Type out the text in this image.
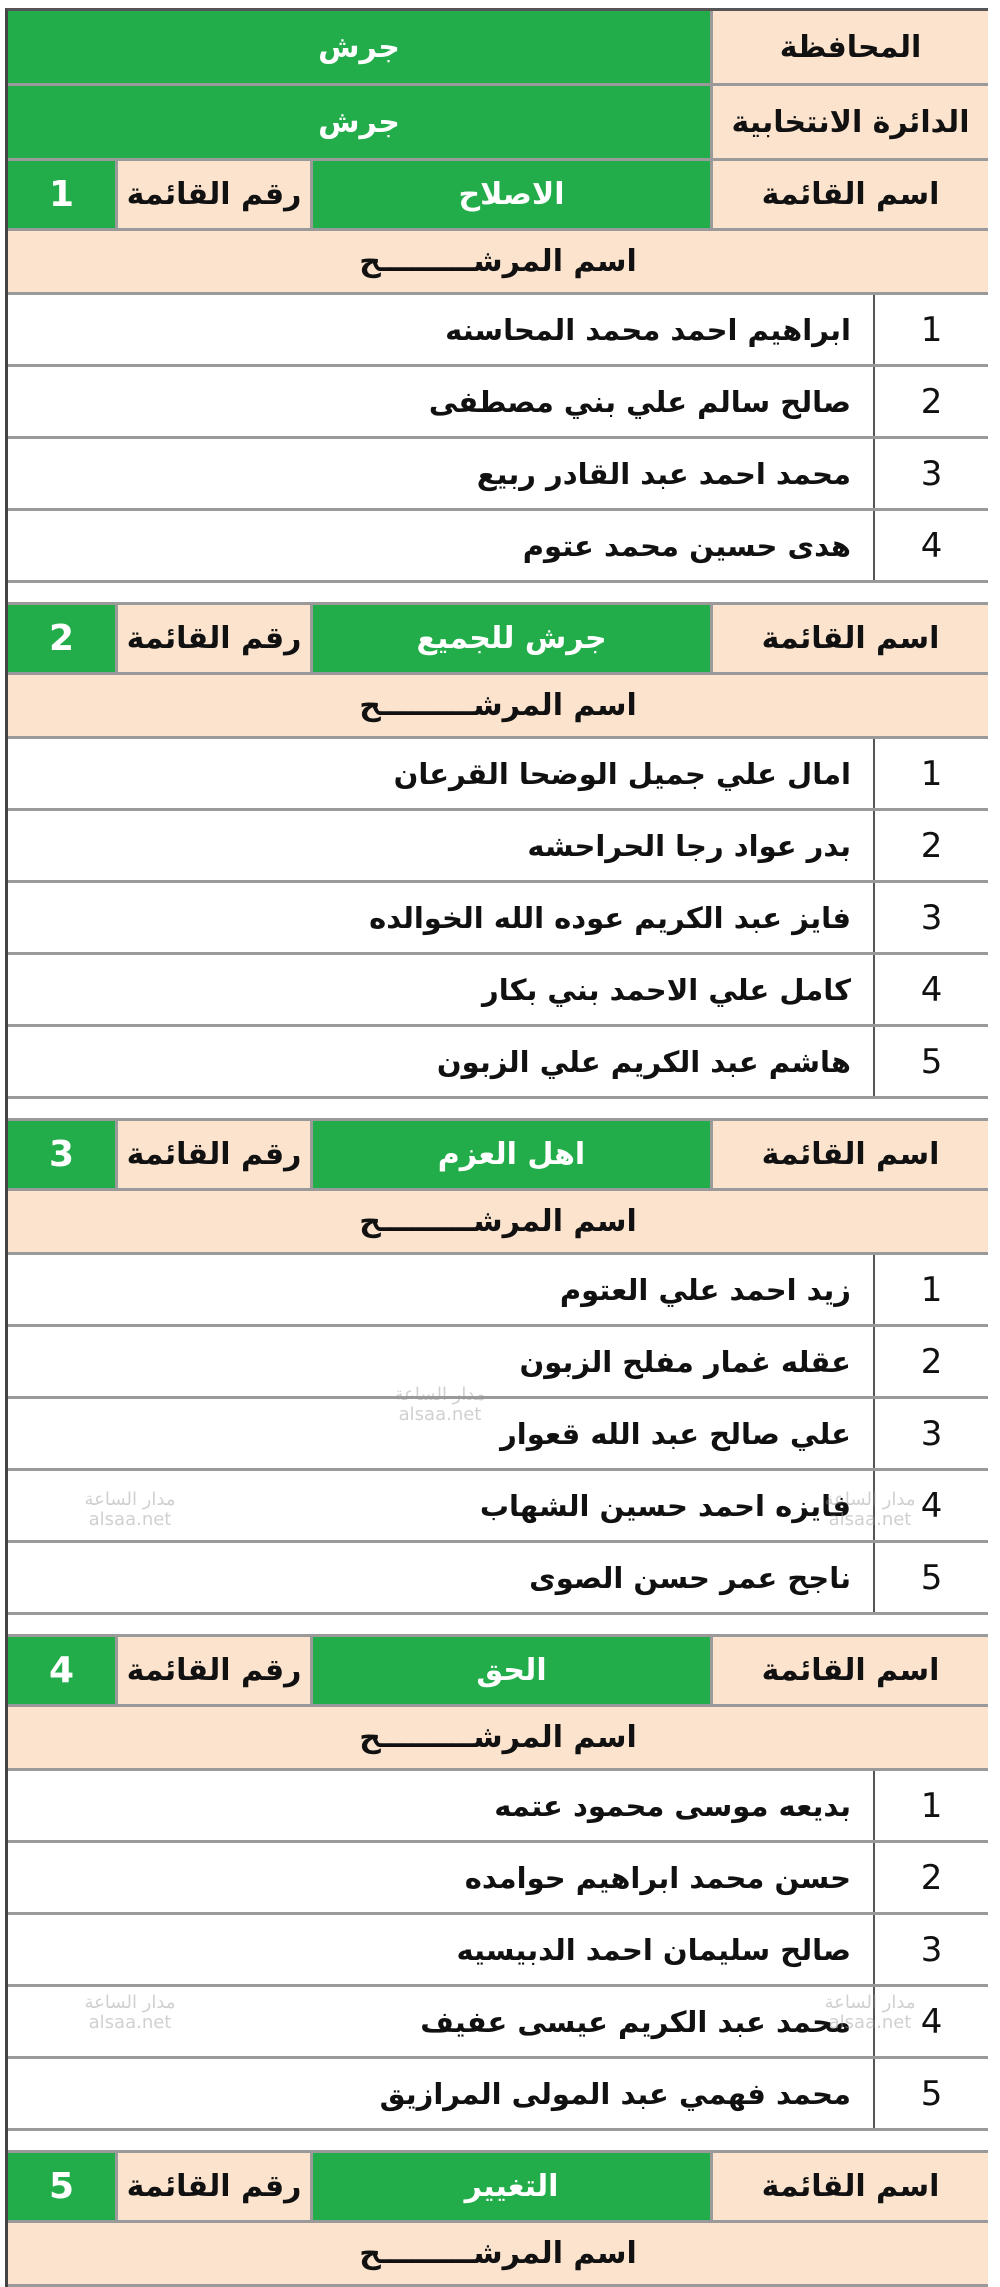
جرش	المحافظة
جرش	الدائرة الانتخابية
1	رقم القائمة	الاصلاح	اسم القائمة
اسم المرشـــــــــح
ابراهيم احمد محمد المحاسنه	1
صالح سالم علي بني مصطفى	2
محمد احمد عبد القادر ربيع	3
هدى حسين محمد عتوم	4
2	رقم القائمة	جرش للجميع	اسم القائمة
اسم المرشـــــــــح
امال علي جميل الوضحا القرعان	1
بدر عواد رجا الحراحشه	2
فايز عبد الكريم عوده الله الخوالده	3
كامل علي الاحمد بني بكار	4
هاشم عبد الكريم علي الزبون	5
3	رقم القائمة	اهل العزم	اسم القائمة
اسم المرشـــــــــح
زيد احمد علي العتوم	1
عقله غمار مفلح الزبون	2
علي صالح عبد الله قعوار	3
فايزه احمد حسين الشهاب	4
ناجح عمر حسن الصوى	5
4	رقم القائمة	الحق	اسم القائمة
اسم المرشـــــــــح
بديعه موسى محمود عتمه	1
حسن محمد ابراهيم حوامده	2
صالح سليمان احمد الدبيسيه	3
محمد عبد الكريم عيسى عفيف	4
محمد فهمي عبد المولى المرازيق	5
5	رقم القائمة	التغيير	اسم القائمة
اسم المرشـــــــــح
مدار الساعة
alsaa.net
مدار الساعة
alsaa.net
مدار الساعة
alsaa.net
مدار الساعة
alsaa.net
مدار الساعة
alsaa.net
